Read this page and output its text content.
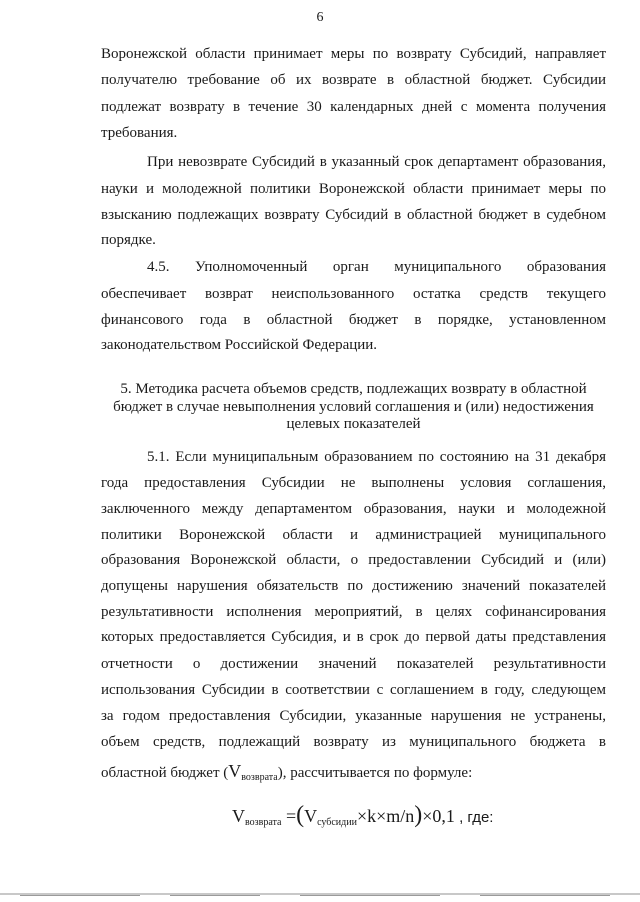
6
Воронежской области принимает меры по возврату Субсидий, направляет
получателю требование об их возврате в областной бюджет. Субсидии
подлежат возврату в течение 30 календарных дней с момента получения
требования.
При невозврате Субсидий в указанный срок департамент образования,
науки и молодежной политики Воронежской области принимает меры по
взысканию подлежащих возврату Субсидий в областной бюджет в судебном
порядке.
4.5. Уполномоченный орган муниципального образования
обеспечивает возврат неиспользованного остатка средств текущего
финансового года в областной бюджет в порядке, установленном
законодательством Российской Федерации.
5. Методика расчета объемов средств, подлежащих возврату в областной
бюджет в случае невыполнения условий соглашения и (или) недостижения
целевых показателей
5.1. Если муниципальным образованием по состоянию на 31 декабря
года предоставления Субсидии не выполнены условия соглашения,
заключенного между департаментом образования, науки и молодежной
политики Воронежской области и администрацией муниципального
образования Воронежской области, о предоставлении Субсидий и (или)
допущены нарушения обязательств по достижению значений показателей
результативности исполнения мероприятий, в целях софинансирования
которых предоставляется Субсидия, и в срок до первой даты представления
отчетности о достижении значений показателей результативности
использования Субсидии в соответствии с соглашением в году, следующем
за годом предоставления Субсидии, указанные нарушения не устранены,
объем средств, подлежащий возврату из муниципального бюджета в
областной бюджет $(V_{возврата})$, рассчитывается по формуле:
$V_{возврата} =(V_{субсидии}\times k\times m/n)\times 0,1$ , где:
